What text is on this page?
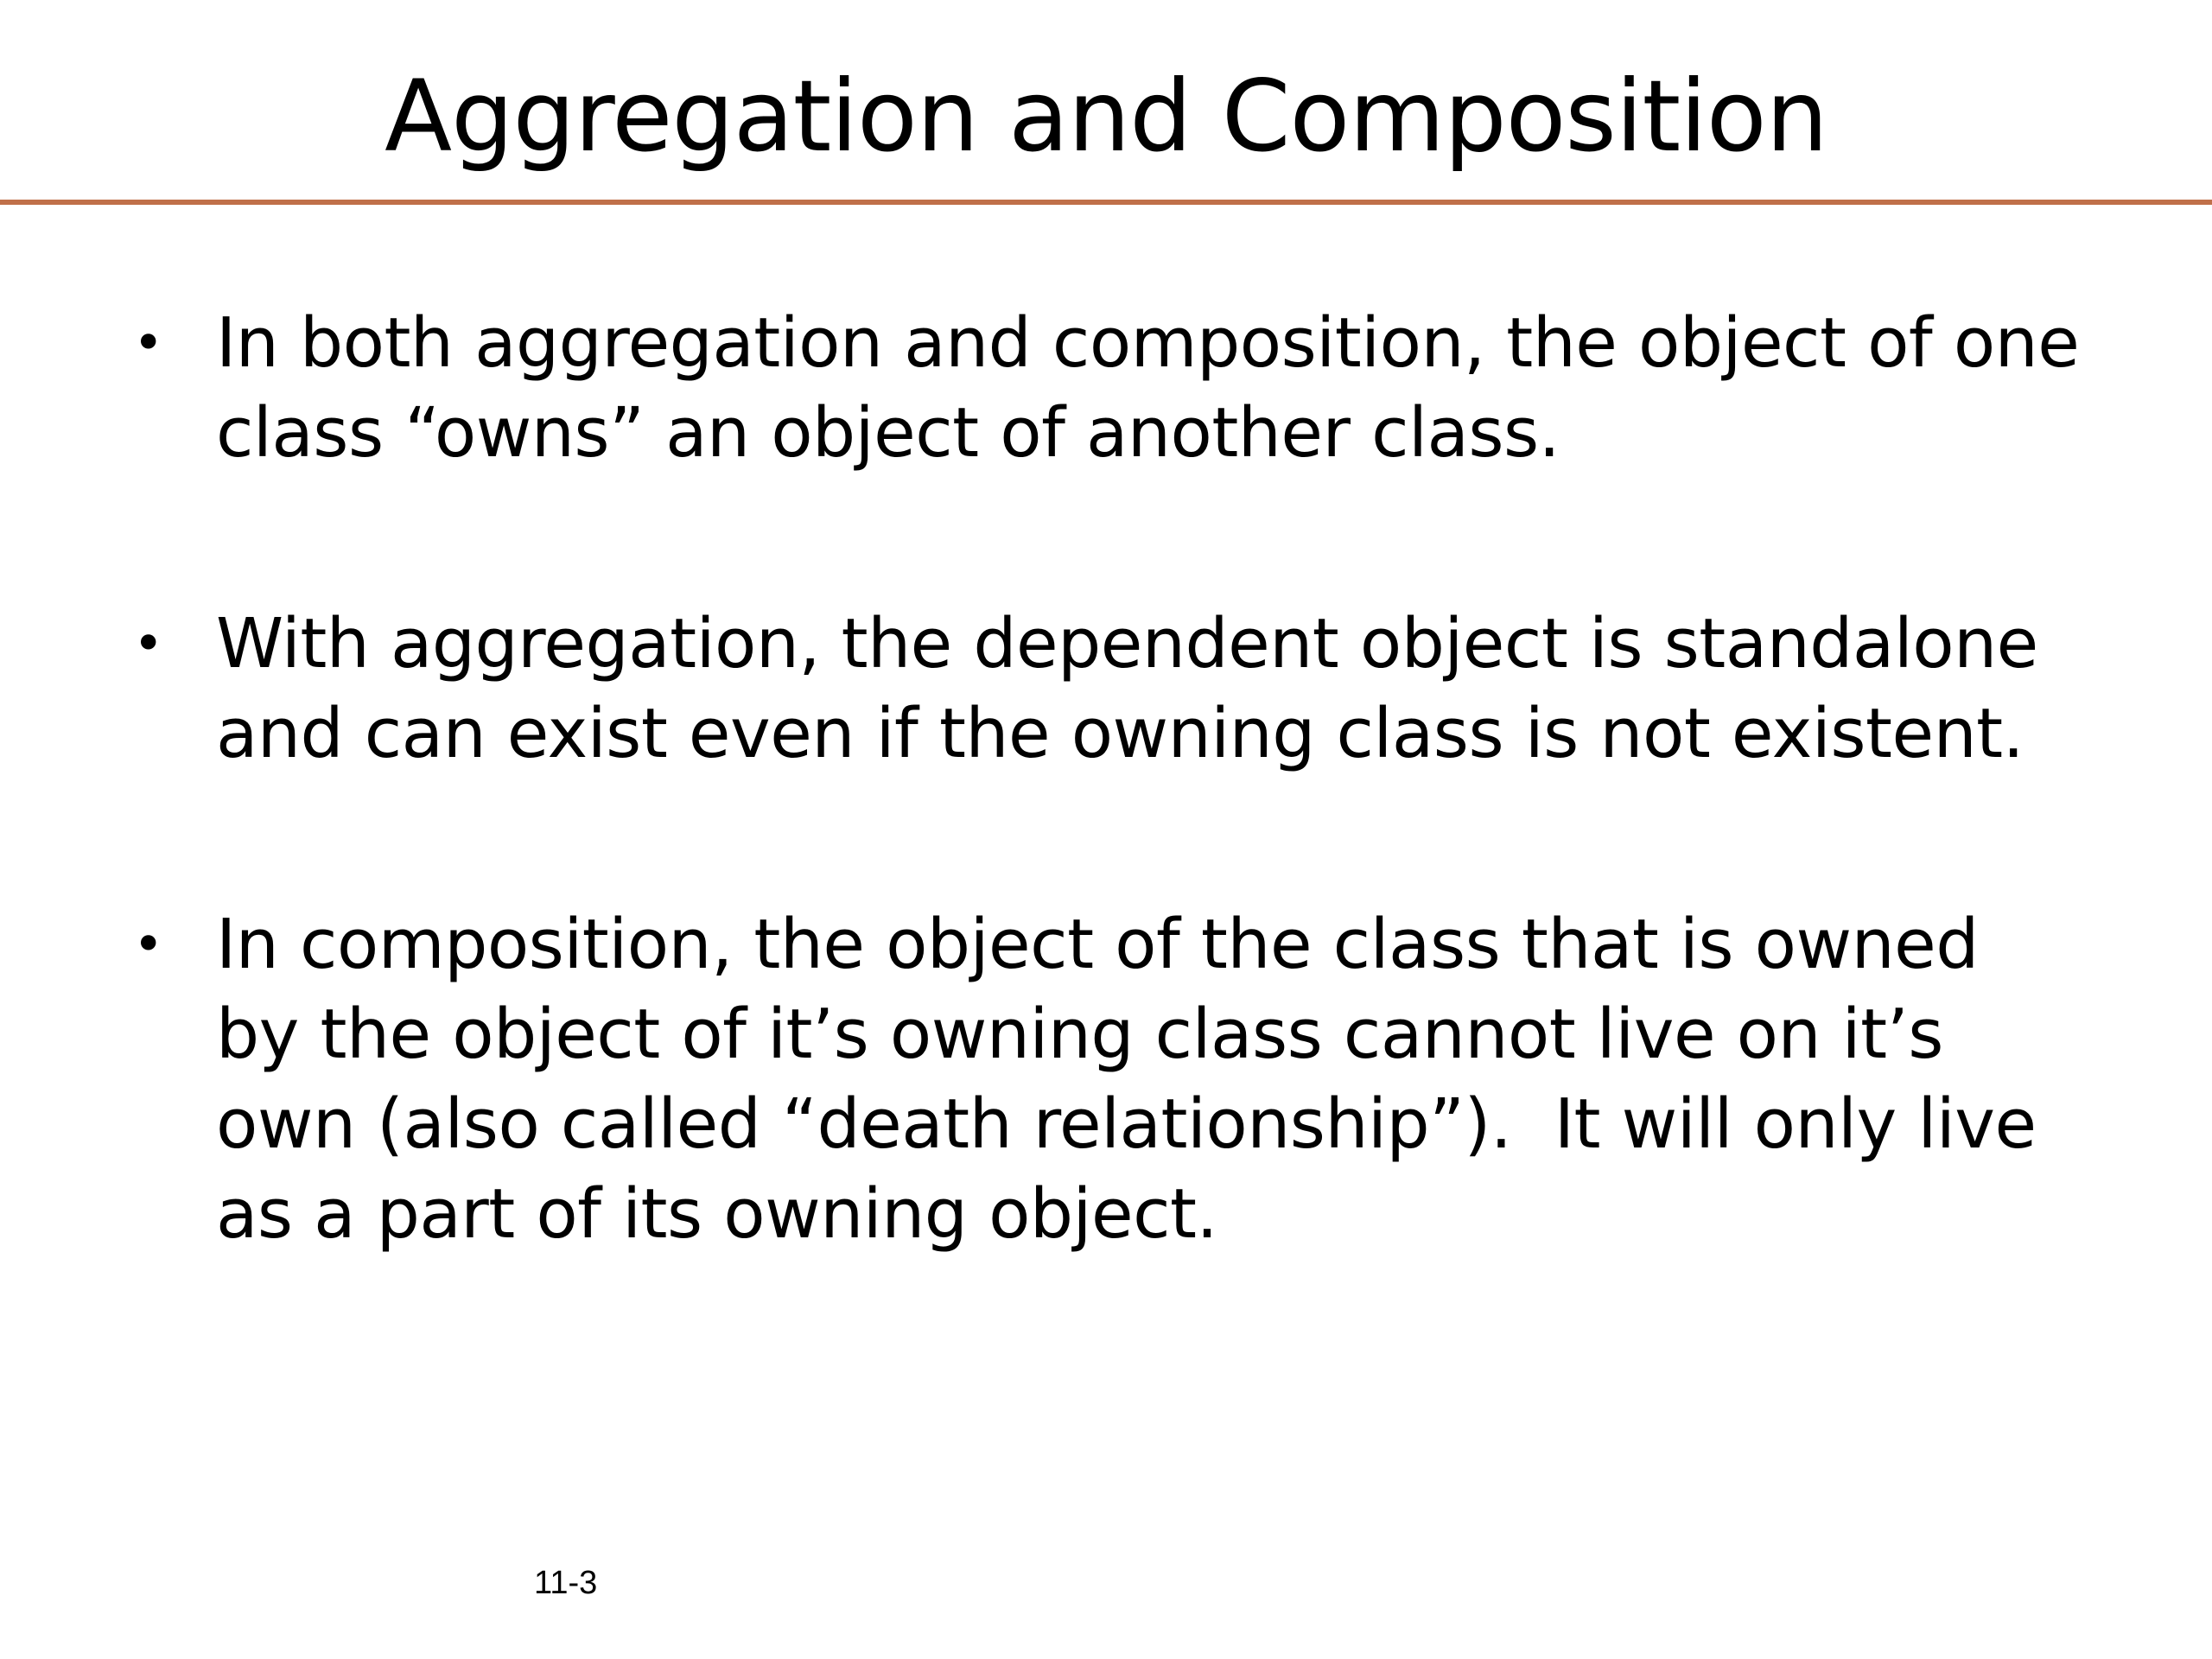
Aggregation and Composition
• In both aggregation and composition, the object of one class “owns” an object of another class.
• With aggregation, the dependent object is standalone and can exist even if the owning class is not existent.
• In composition, the object of the class that is owned by the object of it’s owning class cannot live on it’s own (also called “death relationship”).  It will only live as a part of its owning object.
11-3
